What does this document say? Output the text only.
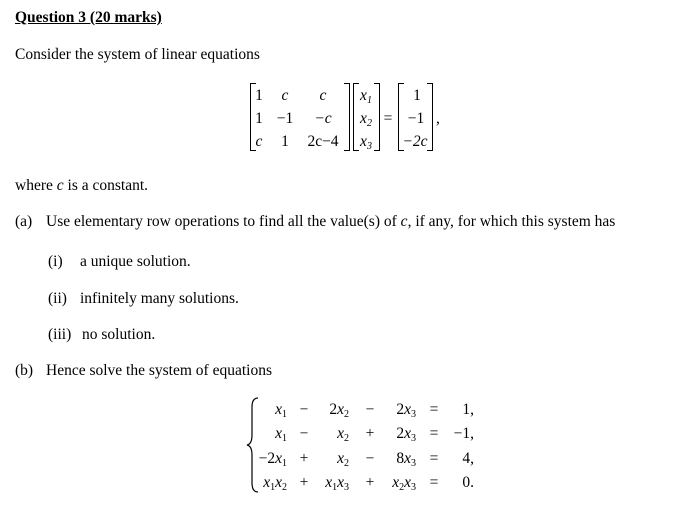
Question 3 (20 marks)
Consider the system of linear equations
1 c c
1 −1 −c
c 1 2c−4
$x_1$
$x_2$
$x_3$
=
1
−1
−2c
,
where c is a constant.
(a) Use elementary row operations to find all the value(s) of c, if any, for which this system has
(i) a unique solution.
(ii) infinitely many solutions.
(iii) no solution.
(b) Hence solve the system of equations
$x_1 - 2x_2 - 2x_3 = 1$,
$x_1 - x_2 + 2x_3 = -1$,
$-2x_1 + x_2 - 8x_3 = 4$,
$x_1x_2 + x_1x_3 + x_2x_3 = 0$.
